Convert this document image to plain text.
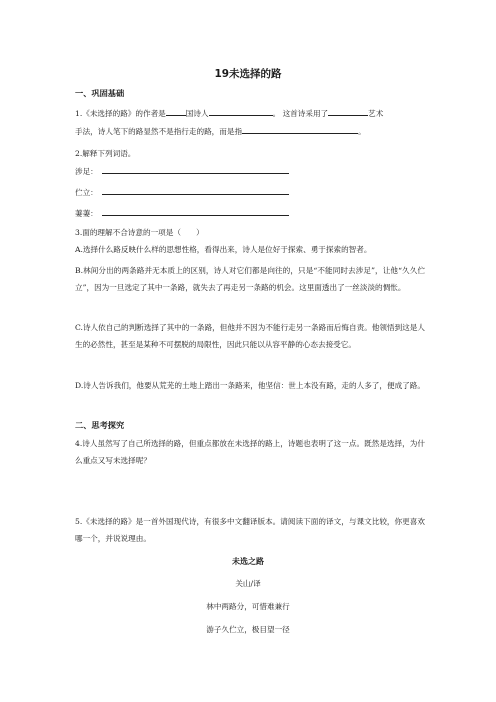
19未选择的路
一、巩固基础
1.《未选择的路》的作者是	国诗人	。 这首诗采用了	艺术
手法，诗人笔下的路显然不是指行走的路，而是指	。
2.解释下列词语。
涉足：
伫立：
萋萋：
3.面的理解不合诗意的一项是（　　）
A.选择什么路反映什么样的思想性格，看得出来，诗人是位好于探索、勇于探索的智者。
B.林间分出的两条路并无本质上的区别，诗人对它们都是向往的，只是“不能同时去涉足”，让他“久久伫立”，因为一旦选定了其中一条路，就失去了再走另一条路的机会。这里面透出了一丝淡淡的惆怅。
C.诗人依自己的判断选择了其中的一条路，但他并不因为不能行走另一条路而后悔自责。他领悟到这是人生的必然性，甚至是某种不可摆脱的局限性，因此只能以从容平静的心态去接受它。
D.诗人告诉我们，他要从荒芜的土地上踏出一条路来，他坚信：世上本没有路，走的人多了，便成了路。
二、思考探究
4.诗人虽然写了自己所选择的路，但重点都放在未选择的路上，诗题也表明了这一点。既然是选择，为什么重点又写未选择呢？
5.《未选择的路》是一首外国现代诗，有很多中文翻译版本。请阅读下面的译文，与课文比较，你更喜欢哪一个，并说说理由。
未选之路
关山/译
林中两路分，可惜难兼行
游子久伫立，极目望一径
